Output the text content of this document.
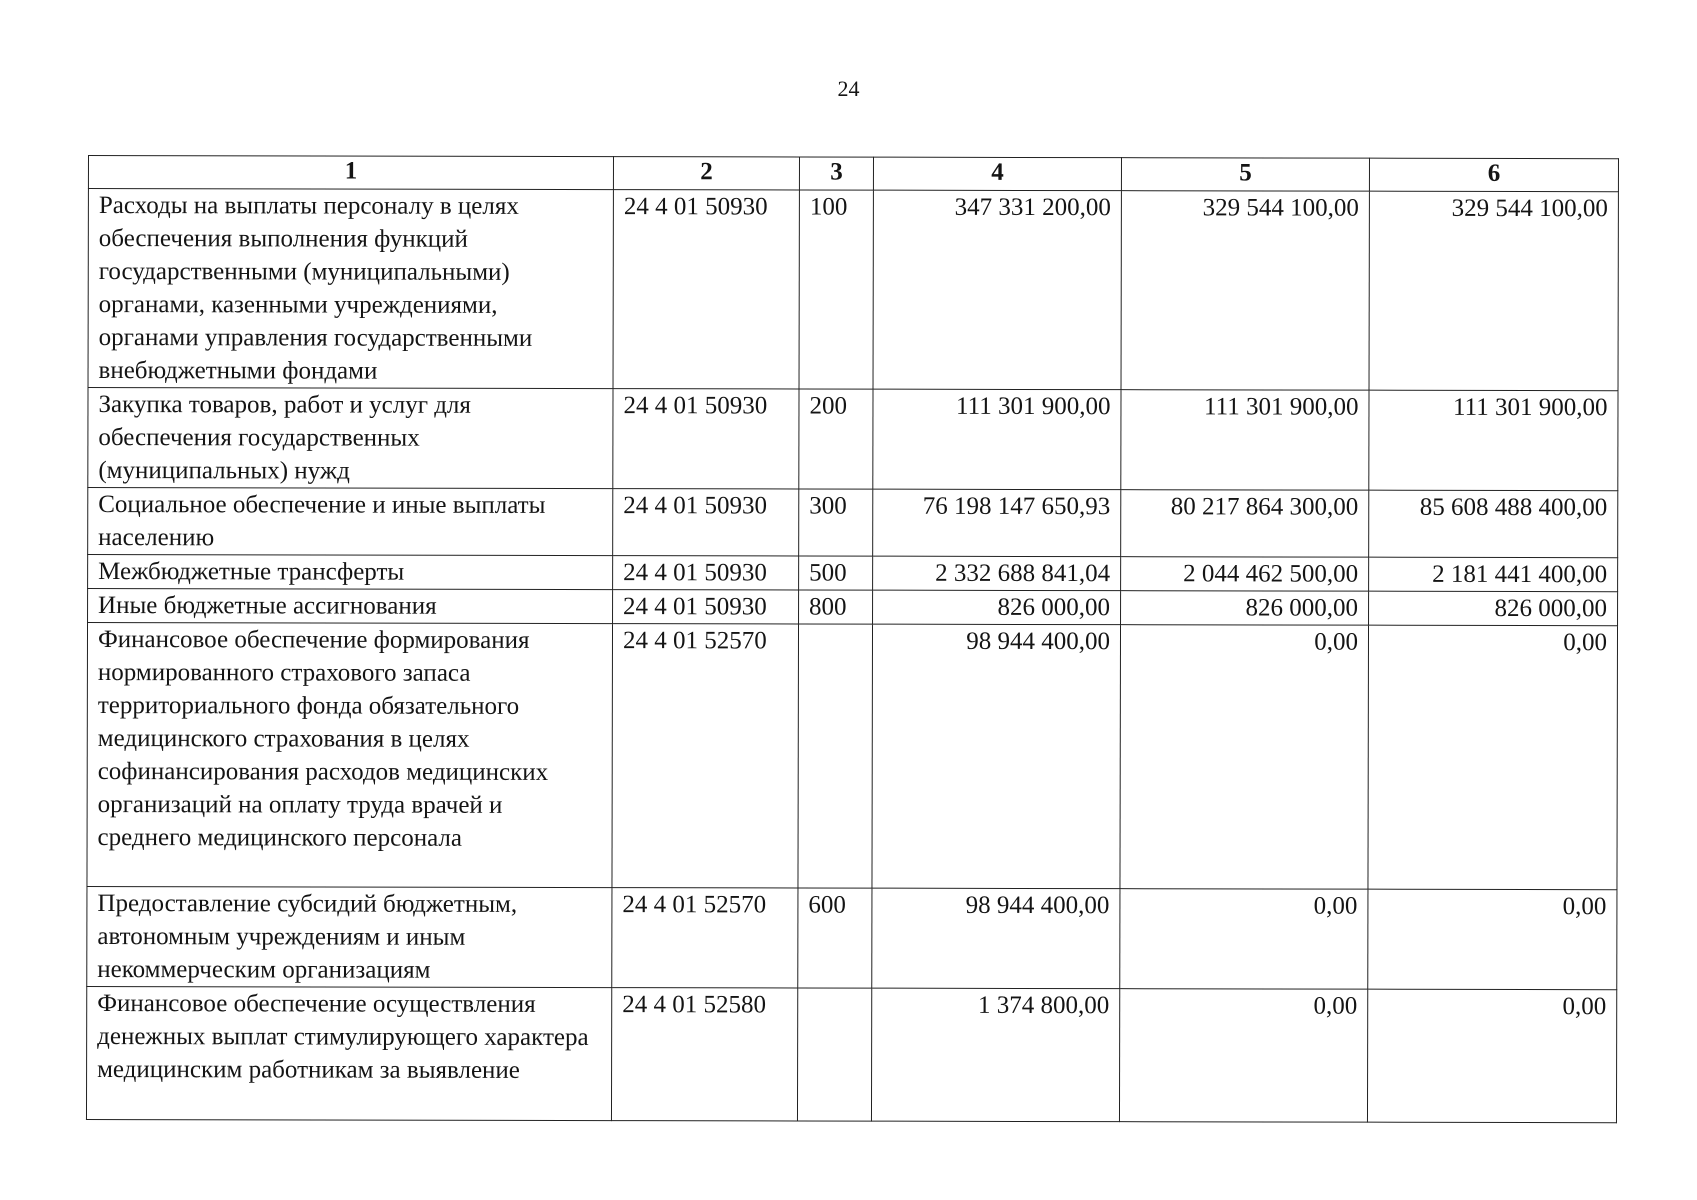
24
1	2	3	4	5	6
Расходы на выплаты персоналу в целях обеспечения выполнения функций государственными (муниципальными) органами, казенными учреждениями, органами управления государственными внебюджетными фондами	24 4 01 50930	100	347 331 200,00	329 544 100,00	329 544 100,00
Закупка товаров, работ и услуг для обеспечения государственных (муниципальных) нужд	24 4 01 50930	200	111 301 900,00	111 301 900,00	111 301 900,00
Социальное обеспечение и иные выплаты населению	24 4 01 50930	300	76 198 147 650,93	80 217 864 300,00	85 608 488 400,00
Межбюджетные трансферты	24 4 01 50930	500	2 332 688 841,04	2 044 462 500,00	2 181 441 400,00
Иные бюджетные ассигнования	24 4 01 50930	800	826 000,00	826 000,00	826 000,00
Финансовое обеспечение формирования нормированного страхового запаса территориального фонда обязательного медицинского страхования в целях софинансирования расходов медицинских организаций на оплату труда врачей и среднего медицинского персонала	24 4 01 52570		98 944 400,00	0,00	0,00
Предоставление субсидий бюджетным, автономным учреждениям и иным некоммерческим организациям	24 4 01 52570	600	98 944 400,00	0,00	0,00
Финансовое обеспечение осуществления денежных выплат стимулирующего характера медицинским работникам за выявление	24 4 01 52580		1 374 800,00	0,00	0,00
